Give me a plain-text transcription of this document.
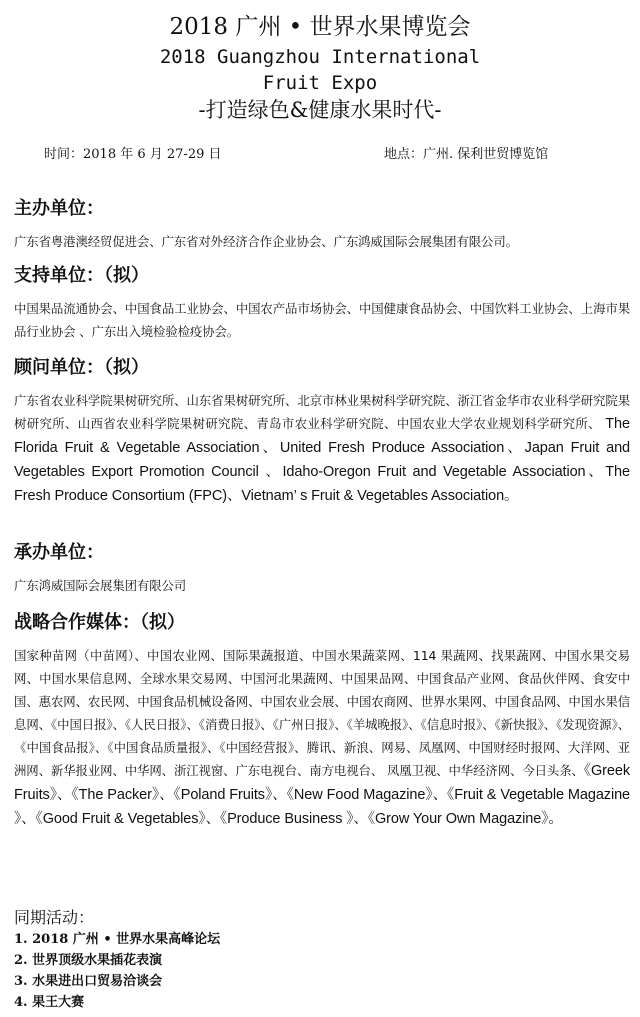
2018 广州 • 世界水果博览会
2018 Guangzhou International
Fruit Expo
-打造绿色&健康水果时代-
时间：2018 年 6 月 27-29 日	地点：广州. 保利世贸博览馆
主办单位：
广东省粤港澳经贸促进会、广东省对外经济合作企业协会、广东鸿威国际会展集团有限公司。
支持单位：（拟）
中国果品流通协会、中国食品工业协会、中国农产品市场协会、中国健康食品协会、中国饮料工业协会、上海市果品行业协会 、广东出入境检验检疫协会。
顾问单位：（拟）
广东省农业科学院果树研究所、山东省果树研究所、北京市林业果树科学研究院、浙江省金华市农业科学研究院果树研究所、山西省农业科学院果树研究院、青岛市农业科学研究院、中国农业大学农业规划科学研究所、 The Florida Fruit & Vegetable Association、United Fresh Produce Association、Japan Fruit and Vegetables Export Promotion Council 、Idaho-Oregon Fruit and Vegetable Association、The Fresh Produce Consortium (FPC)、Vietnam’ s Fruit & Vegetables Association。
承办单位：
广东鸿威国际会展集团有限公司
战略合作媒体：（拟）
国家种苗网（中苗网）、中国农业网、国际果蔬报道、中国水果蔬菜网、114 果蔬网、找果蔬网、中国水果交易网、中国水果信息网、全球水果交易网、中国河北果蔬网、中国果品网、中国食品产业网、食品伙伴网、食安中国、惠农网、农民网、中国食品机械设备网、中国农业会展、中国农商网、世界水果网、中国食品网、中国水果信息网、《中国日报》、《人民日报》、《消费日报》、《广州日报》、《羊城晚报》、《信息时报》、《新快报》、《发现资源》、《中国食品报》、《中国食品质量报》、《中国经营报》、腾讯、新浪、网易、凤凰网、中国财经时报网、大洋网、亚洲网、新华报业网、中华网、浙江视窗、广东电视台、南方电视台、 凤凰卫视、中华经济网、今日头条、《Greek Fruits》、《The Packer》、《Poland Fruits》、《New Food Magazine》、《Fruit & Vegetable Magazine 》、《Good Fruit & Vegetables》、《Produce Business 》、《Grow Your Own Magazine》。
同期活动：
1. 2018 广州 • 世界水果高峰论坛
2. 世界顶级水果插花表演
3. 水果进出口贸易洽谈会
4. 果王大赛
